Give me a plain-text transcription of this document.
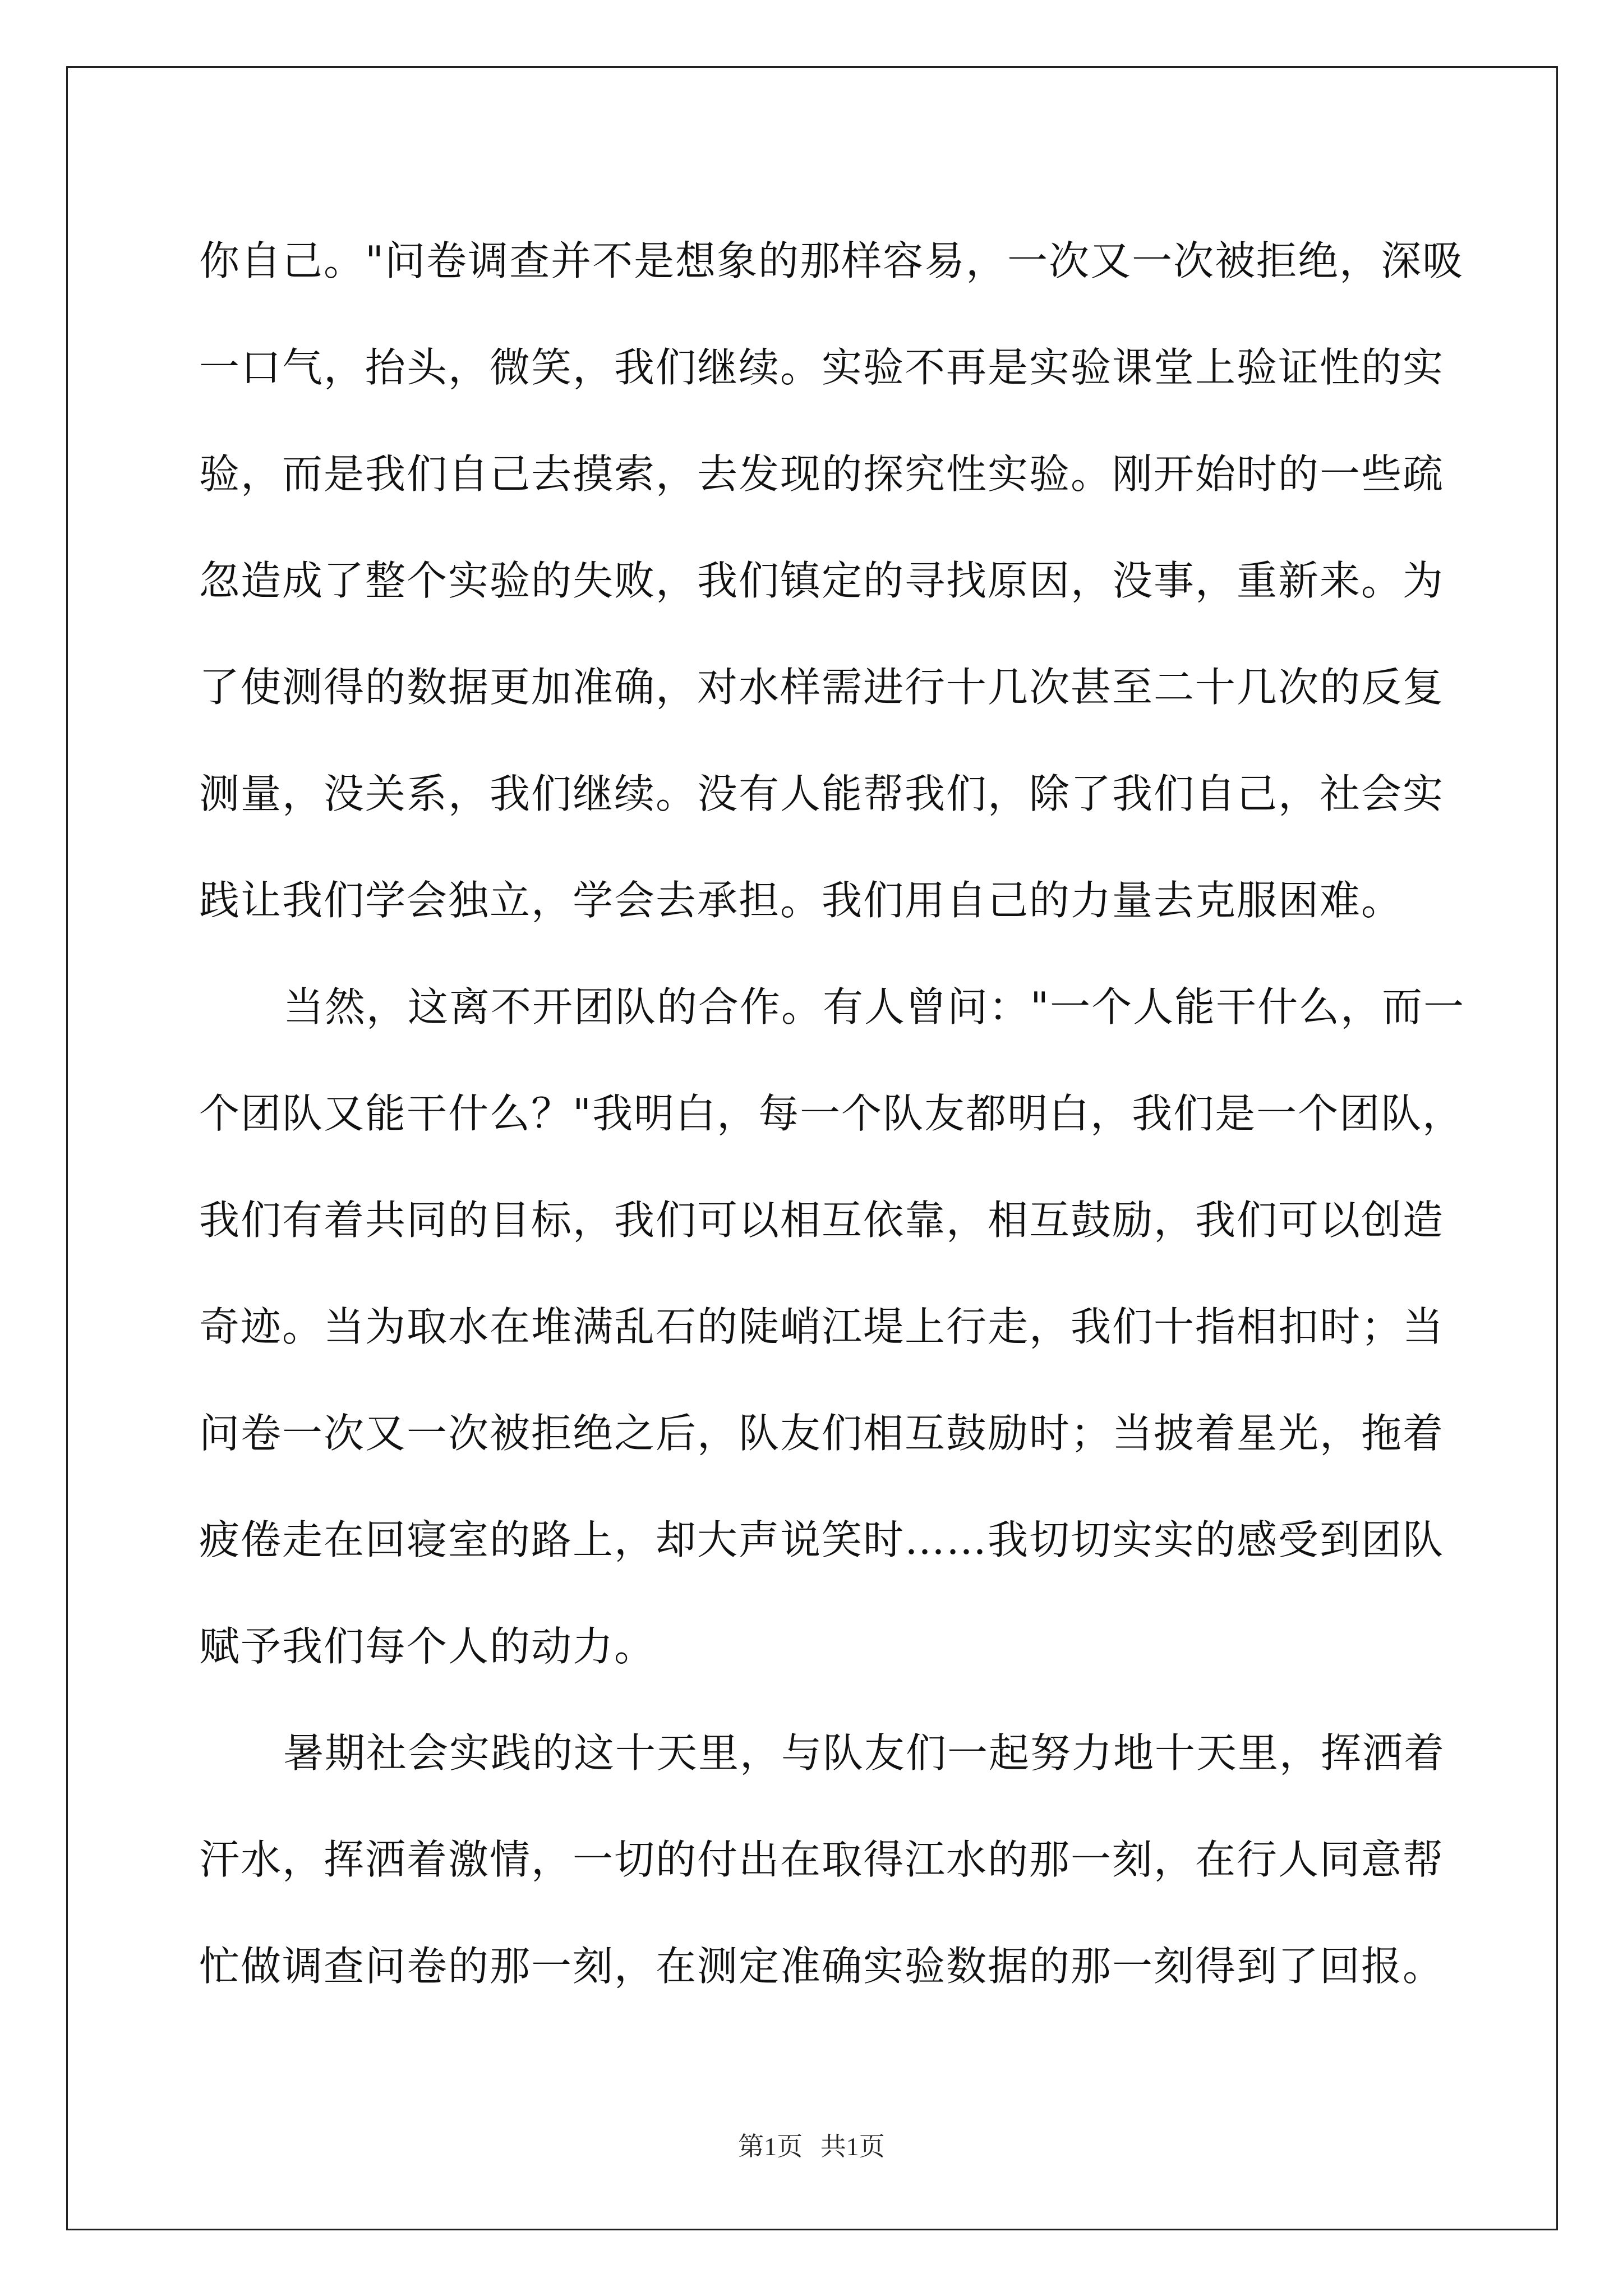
你自己。"问卷调查并不是想象的那样容易，一次又一次被拒绝，深吸
一口气，抬头，微笑，我们继续。实验不再是实验课堂上验证性的实
验，而是我们自己去摸索，去发现的探究性实验。刚开始时的一些疏
忽造成了整个实验的失败，我们镇定的寻找原因，没事，重新来。为
了使测得的数据更加准确，对水样需进行十几次甚至二十几次的反复
测量，没关系，我们继续。没有人能帮我们，除了我们自己，社会实
践让我们学会独立，学会去承担。我们用自己的力量去克服困难。
当然，这离不开团队的合作。有人曾问："一个人能干什么，而一
个团队又能干什么？"我明白，每一个队友都明白，我们是一个团队，
我们有着共同的目标，我们可以相互依靠，相互鼓励，我们可以创造
奇迹。当为取水在堆满乱石的陡峭江堤上行走，我们十指相扣时；当
问卷一次又一次被拒绝之后，队友们相互鼓励时；当披着星光，拖着
疲倦走在回寝室的路上，却大声说笑时……我切切实实的感受到团队
赋予我们每个人的动力。
暑期社会实践的这十天里，与队友们一起努力地十天里，挥洒着
汗水，挥洒着激情，一切的付出在取得江水的那一刻，在行人同意帮
忙做调查问卷的那一刻，在测定准确实验数据的那一刻得到了回报。
第1页 共1页
